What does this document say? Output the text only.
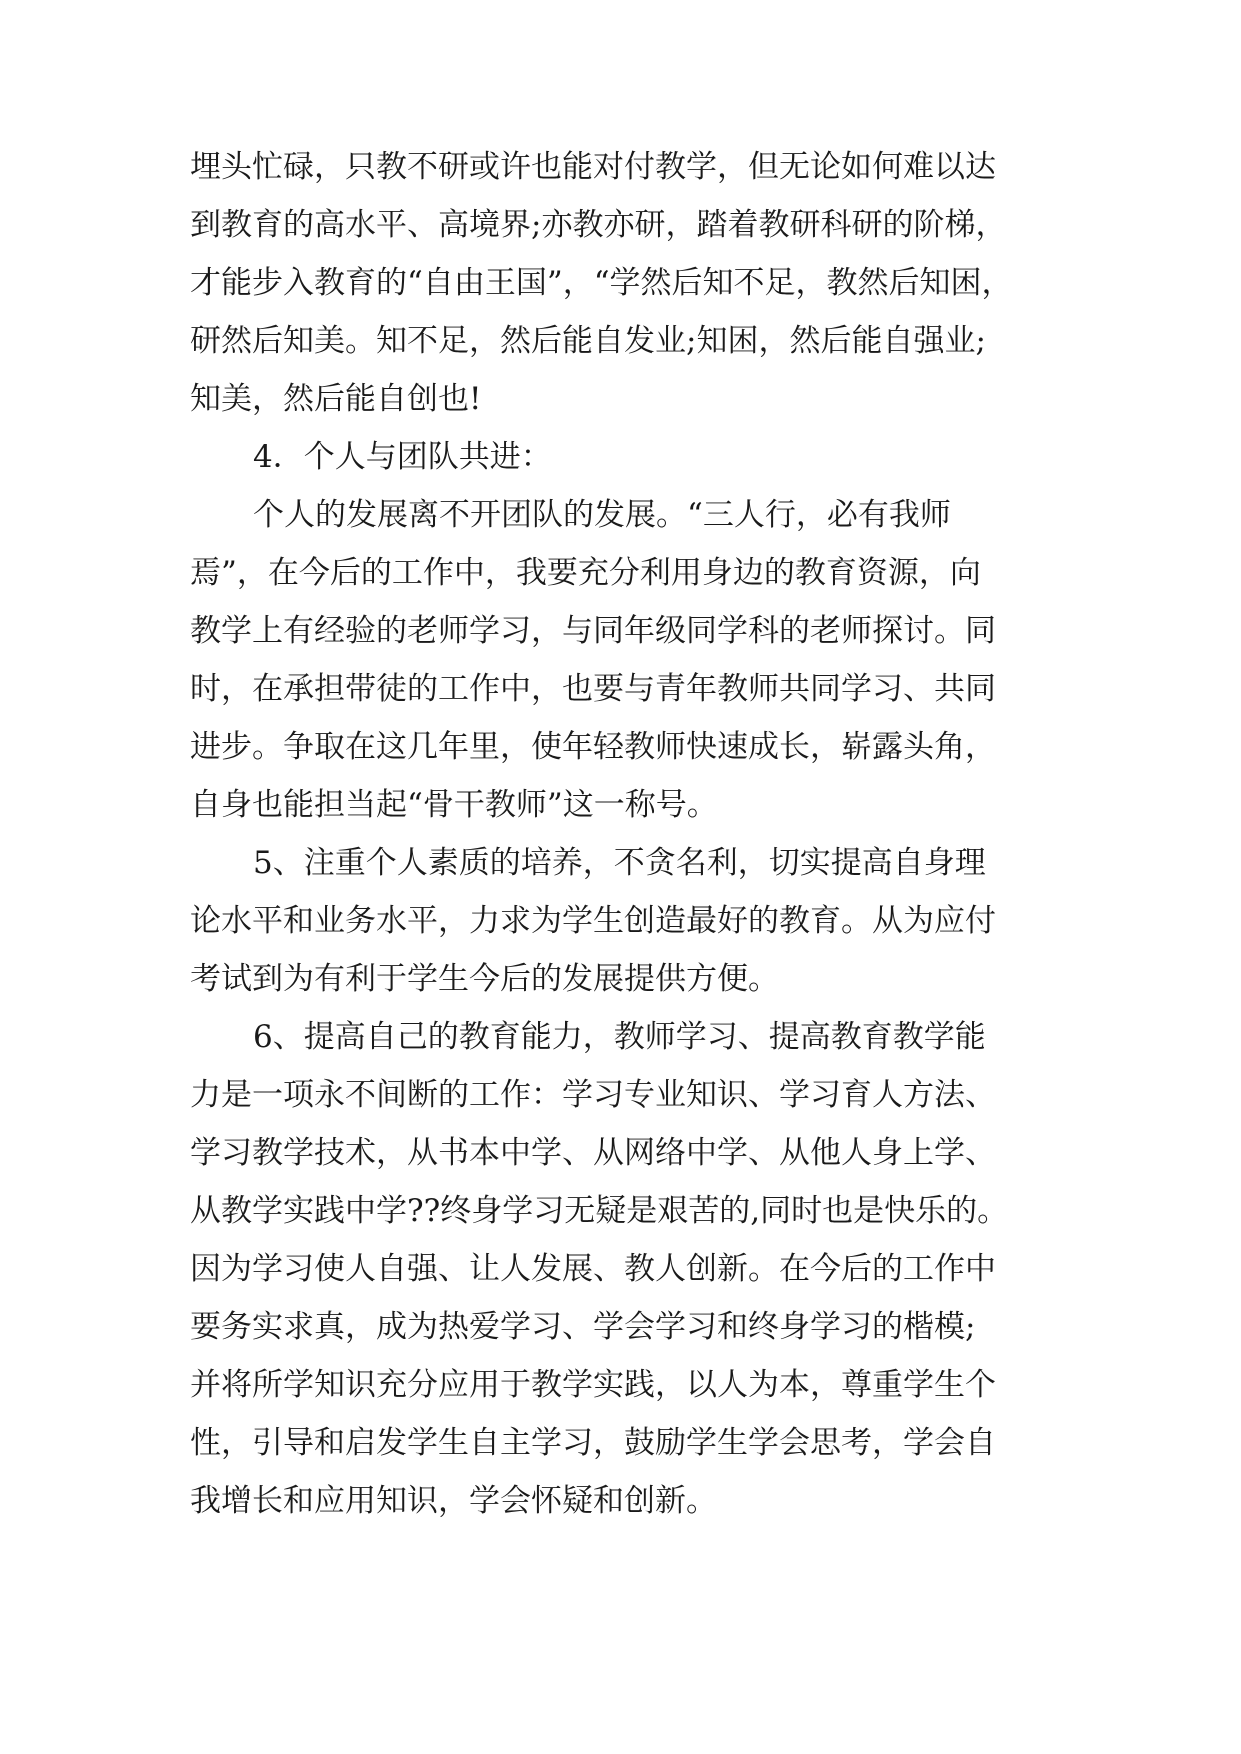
埋头忙碌，只教不研或许也能对付教学，但无论如何难以达
到教育的高水平、高境界;亦教亦研，踏着教研科研的阶梯，
才能步入教育的“自由王国”，“学然后知不足，教然后知困，
研然后知美。知不足，然后能自发业;知困，然后能自强业;
知美，然后能自创也!
4．个人与团队共进：
个人的发展离不开团队的发展。“三人行，必有我师
焉”，在今后的工作中，我要充分利用身边的教育资源，向
教学上有经验的老师学习，与同年级同学科的老师探讨。同
时，在承担带徒的工作中，也要与青年教师共同学习、共同
进步。争取在这几年里，使年轻教师快速成长，崭露头角，
自身也能担当起“骨干教师”这一称号。
5、注重个人素质的培养，不贪名利，切实提高自身理
论水平和业务水平，力求为学生创造最好的教育。从为应付
考试到为有利于学生今后的发展提供方便。
6、提高自己的教育能力，教师学习、提高教育教学能
力是一项永不间断的工作：学习专业知识、学习育人方法、
学习教学技术，从书本中学、从网络中学、从他人身上学、
从教学实践中学??终身学习无疑是艰苦的,同时也是快乐的。
因为学习使人自强、让人发展、教人创新。在今后的工作中
要务实求真，成为热爱学习、学会学习和终身学习的楷模;
并将所学知识充分应用于教学实践，以人为本，尊重学生个
性，引导和启发学生自主学习，鼓励学生学会思考，学会自
我增长和应用知识，学会怀疑和创新。
